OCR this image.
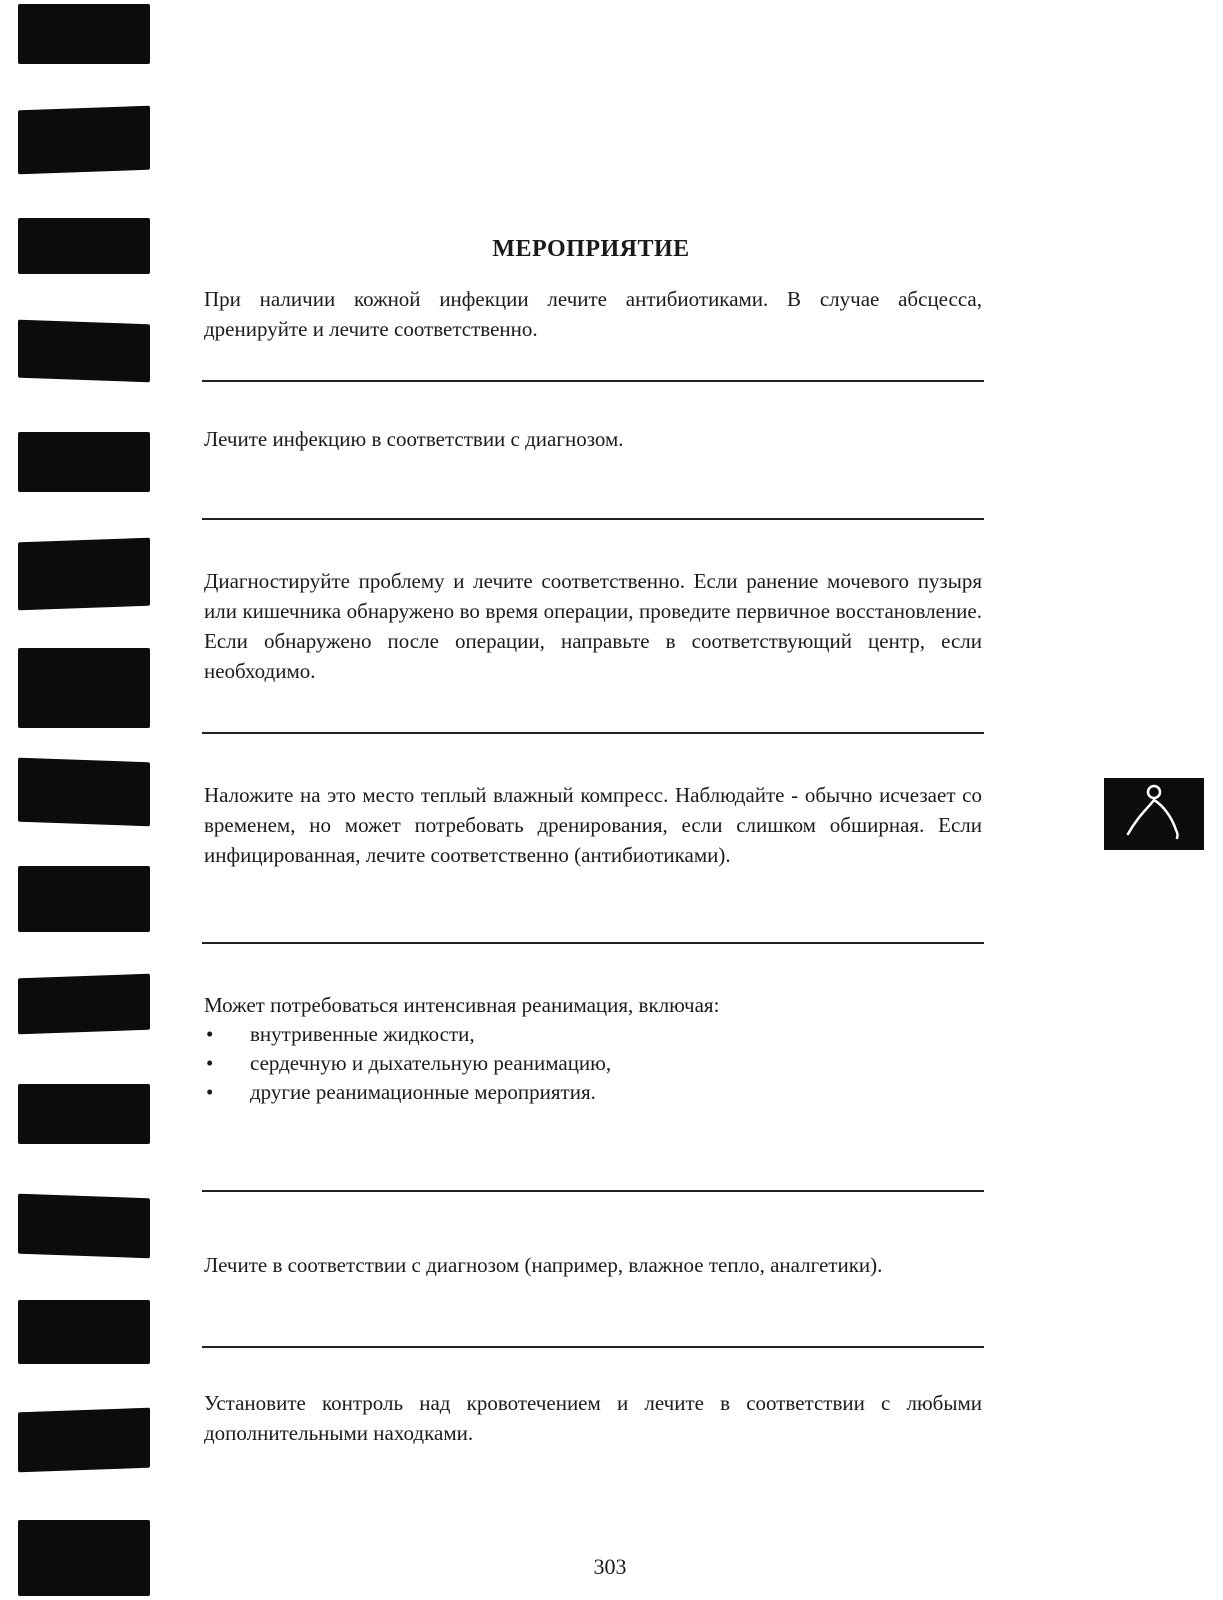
МЕРОПРИЯТИЕ

При наличии кожной инфекции лечите антибиотиками. В случае абсцесса, дренируйте и лечите соответственно.

Лечите инфекцию в соответствии с диагнозом.

Диагностируйте проблему и лечите соответственно. Если ранение мочевого пузыря или кишечника обнаружено во время операции, проведите первичное восстановление. Если обнаружено после операции, направьте в соответствующий центр, если необходимо.

Наложите на это место теплый влажный компресс. Наблюдайте - обычно исчезает со временем, но может потребовать дренирования, если слишком обширная. Если инфицированная, лечите соответственно (антибиотиками).

Может потребоваться интенсивная реанимация, включая:

• внутривенные жидкости,
• сердечную и дыхательную реанимацию,
• другие реанимационные мероприятия.

Лечите в соответствии с диагнозом (например, влажное тепло, аналгетики).

Установите контроль над кровотечением и лечите в соответствии с любыми дополнительными находками.

303
